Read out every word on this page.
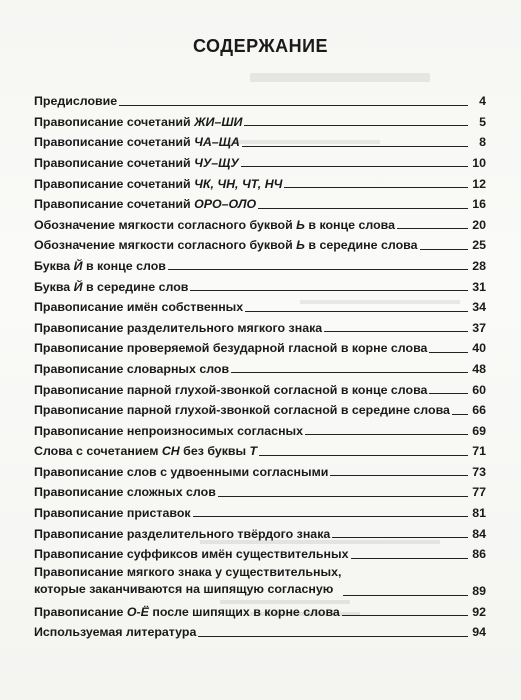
СОДЕРЖАНИЕ
Предисловие	4
Правописание сочетаний ЖИ–ШИ	5
Правописание сочетаний ЧА–ЩА	8
Правописание сочетаний ЧУ–ЩУ	10
Правописание сочетаний ЧК, ЧН, ЧТ, НЧ	12
Правописание сочетаний ОРО–ОЛО	16
Обозначение мягкости согласного буквой Ь в конце слова	20
Обозначение мягкости согласного буквой Ь в середине слова	25
Буква Й в конце слов	28
Буква Й в середине слов	31
Правописание имён собственных	34
Правописание разделительного мягкого знака	37
Правописание проверяемой безударной гласной в корне слова	40
Правописание словарных слов	48
Правописание парной глухой-звонкой согласной в конце слова	60
Правописание парной глухой-звонкой согласной в середине слова 66
Правописание непроизносимых согласных	69
Слова с сочетанием СН без буквы Т	71
Правописание слов с удвоенными согласными	73
Правописание сложных слов	77
Правописание приставок	81
Правописание разделительного твёрдого знака	84
Правописание суффиксов имён существительных	86
Правописание мягкого знака у существительных,
которые заканчиваются на шипящую согласную	89
Правописание О-Ё после шипящих в корне слова	92
Используемая литература	94
